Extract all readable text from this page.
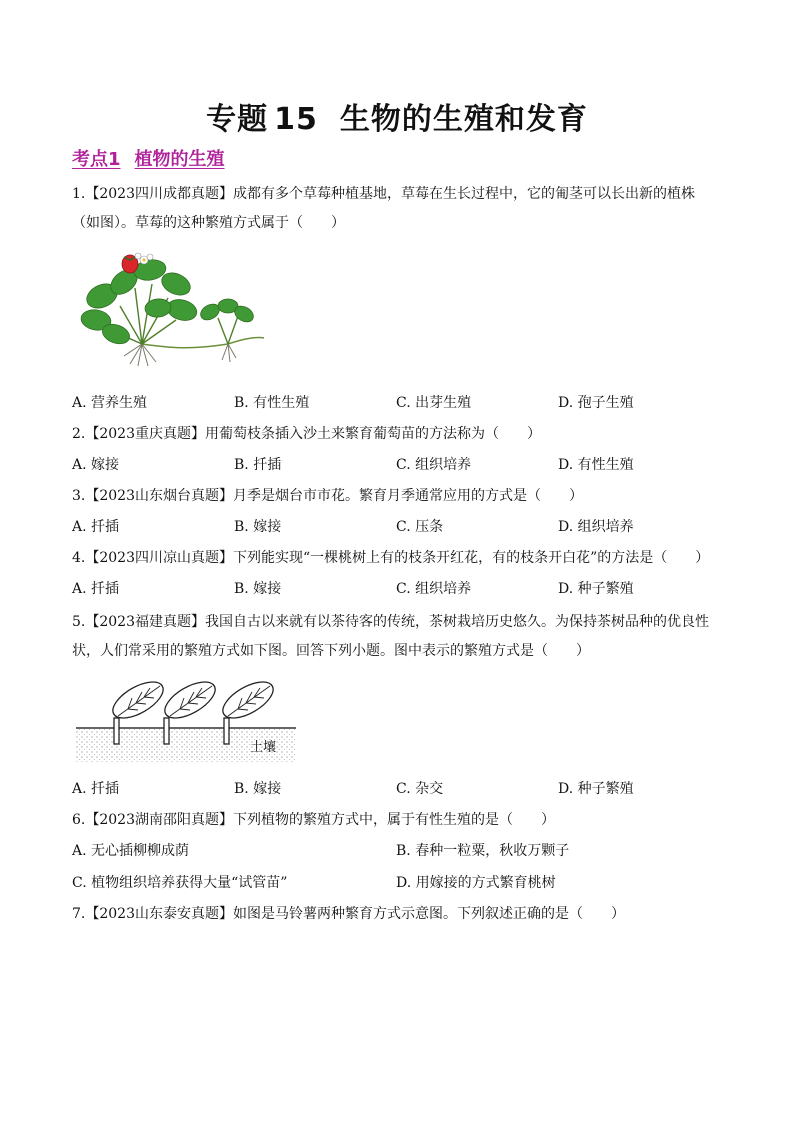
专题 15 生物的生殖和发育
考点1 植物的生殖
1.【2023四川成都真题】成都有多个草莓种植基地，草莓在生长过程中，它的匍茎可以长出新的植株（如图）。草莓的这种繁殖方式属于（　　）
A. 营养生殖	B. 有性生殖	C. 出芽生殖	D. 孢子生殖
2.【2023重庆真题】用葡萄枝条插入沙土来繁育葡萄苗的方法称为（　　）
A. 嫁接	B. 扦插	C. 组织培养	D. 有性生殖
3.【2023山东烟台真题】月季是烟台市市花。繁育月季通常应用的方式是（　　）
A. 扦插	B. 嫁接	C. 压条	D. 组织培养
4.【2023四川凉山真题】下列能实现“一棵桃树上有的枝条开红花，有的枝条开白花”的方法是（　　）
A. 扦插	B. 嫁接	C. 组织培养	D. 种子繁殖
5.【2023福建真题】我国自古以来就有以茶待客的传统，茶树栽培历史悠久。为保持茶树品种的优良性状，人们常采用的繁殖方式如下图。回答下列小题。图中表示的繁殖方式是（　　）
土壤
A. 扦插	B. 嫁接	C. 杂交	D. 种子繁殖
6.【2023湖南邵阳真题】下列植物的繁殖方式中，属于有性生殖的是（　　）
A. 无心插柳柳成荫	B. 春种一粒粟，秋收万颗子
C. 植物组织培养获得大量“试管苗”	D. 用嫁接的方式繁育桃树
7.【2023山东泰安真题】如图是马铃薯两种繁育方式示意图。下列叙述正确的是（　　）
